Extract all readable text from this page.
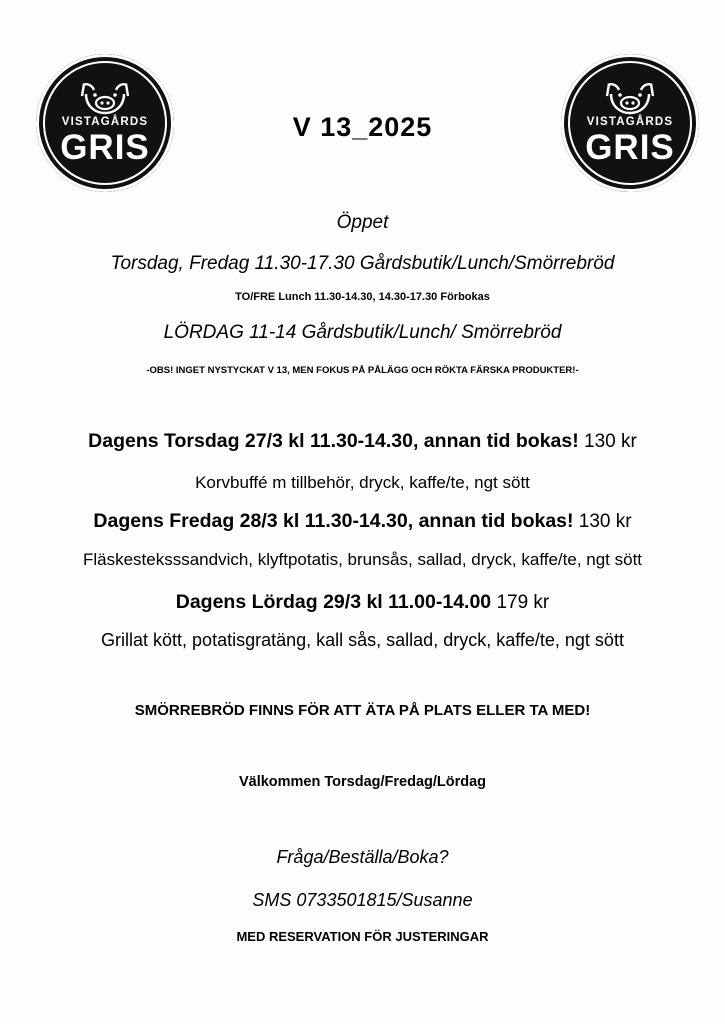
VISTAGÅRDS
GRIS
VISTAGÅRDS
GRIS
V 13_2025
Öppet
Torsdag, Fredag 11.30-17.30 Gårdsbutik/Lunch/Smörrebröd
TO/FRE Lunch 11.30-14.30, 14.30-17.30 Förbokas
LÖRDAG 11-14 Gårdsbutik/Lunch/ Smörrebröd
-OBS! INGET NYSTYCKAT V 13, MEN FOKUS PÅ PÅLÄGG OCH RÖKTA FÄRSKA PRODUKTER!-
Dagens Torsdag 27/3 kl 11.30-14.30, annan tid bokas! 130 kr
Korvbuffé m tillbehör, dryck, kaffe/te, ngt sött
Dagens Fredag 28/3 kl 11.30-14.30, annan tid bokas! 130 kr
Fläskesteksssandvich, klyftpotatis, brunsås, sallad, dryck, kaffe/te, ngt sött
Dagens Lördag 29/3 kl 11.00-14.00 179 kr
Grillat kött, potatisgratäng, kall sås, sallad, dryck, kaffe/te, ngt sött
SMÖRREBRÖD FINNS FÖR ATT ÄTA PÅ PLATS ELLER TA MED!
Välkommen Torsdag/Fredag/Lördag
Fråga/Beställa/Boka?
SMS 0733501815/Susanne
MED RESERVATION FÖR JUSTERINGAR
